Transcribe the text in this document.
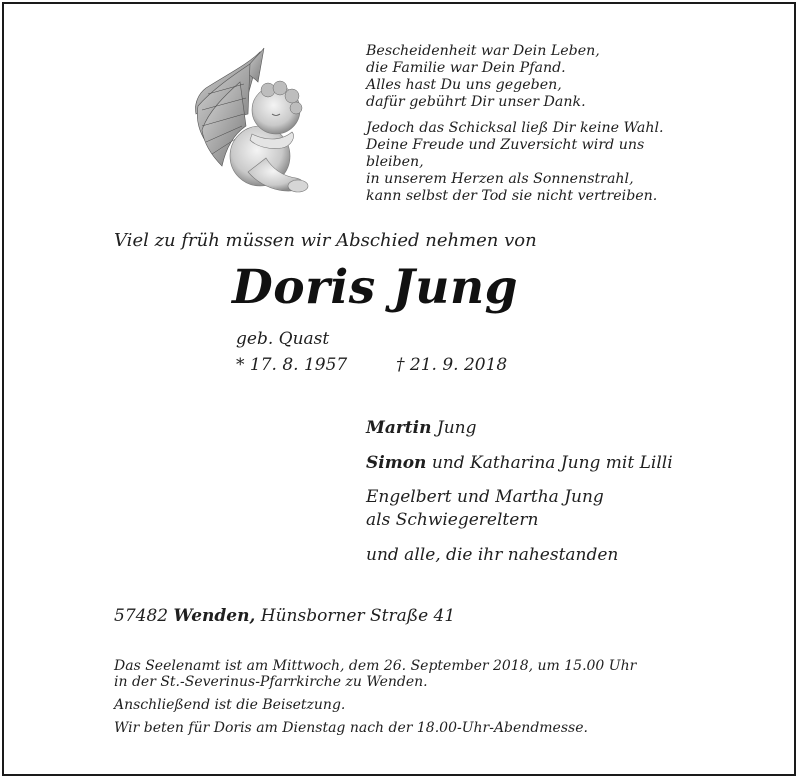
Bescheidenheit war Dein Leben,
die Familie war Dein Pfand.
Alles hast Du uns gegeben,
dafür gebührt Dir unser Dank.
Jedoch das Schicksal ließ Dir keine Wahl.
Deine Freude und Zuversicht wird uns
bleiben,
in unserem Herzen als Sonnenstrahl,
kann selbst der Tod sie nicht vertreiben.
Viel zu früh müssen wir Abschied nehmen von
Doris Jung
geb. Quast
* 17. 8. 1957	† 21. 9. 2018
Martin Jung
Simon und Katharina Jung mit Lilli
Engelbert und Martha Jung
als Schwiegereltern
und alle, die ihr nahestanden
57482 Wenden, Hünsborner Straße 41
Das Seelenamt ist am Mittwoch, dem 26. September 2018, um 15.00 Uhr
in der St.-Severinus-Pfarrkirche zu Wenden.
Anschließend ist die Beisetzung.
Wir beten für Doris am Dienstag nach der 18.00-Uhr-Abendmesse.
